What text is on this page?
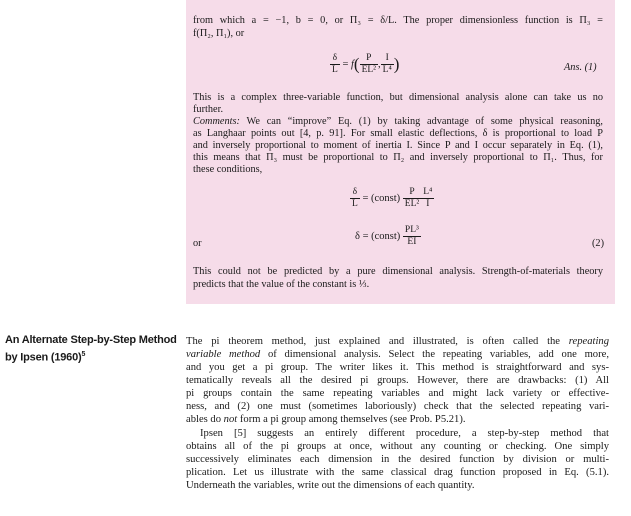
from which a = −1, b = 0, or Π₃ = δ/L. The proper dimensionless function is Π₃ =
f(Π₂, Π₁), or
$\frac{\delta}{L} = f( \frac{P}{\text{EL²}}$ , $\frac{I}{\text{L⁴}}$ )	Ans. (1)
This is a complex three-variable function, but dimensional analysis alone can take us no
further.
Comments: We can “improve” Eq. (1) by taking advantage of some physical reasoning,
as Langhaar points out [4, p. 91]. For small elastic deflections, δ is proportional to load P
and inversely proportional to moment of inertia I. Since P and I occur separately in Eq. (1),
this means that Π₃ must be proportional to Π₂ and inversely proportional to Π₁. Thus, for
these conditions,
$\frac{\delta}{L}$ = (const) $\frac{P}{\text{EL²}} \frac{\text{L⁴}}{I}$
or
δ = (const) $\frac{\text{PL³}}{EI}$	(2)
This could not be predicted by a pure dimensional analysis. Strength-of-materials theory
predicts that the value of the constant is ⅓.
An Alternate Step-by-Step Method
by Ipsen $(1960)^5$
The pi theorem method, just explained and illustrated, is often called the repeating
variable method of dimensional analysis. Select the repeating variables, add one more,
and you get a pi group. The writer likes it. This method is straightforward and sys-
tematically reveals all the desired pi groups. However, there are drawbacks: (1) All
pi groups contain the same repeating variables and might lack variety or effective-
ness, and (2) one must (sometimes laboriously) check that the selected repeating vari-
ables do not form a pi group among themselves (see Prob. P5.21).
Ipsen [5] suggests an entirely different procedure, a step-by-step method that
obtains all of the pi groups at once, without any counting or checking. One simply
successively eliminates each dimension in the desired function by division or multi-
plication. Let us illustrate with the same classical drag function proposed in Eq. (5.1).
Underneath the variables, write out the dimensions of each quantity.
